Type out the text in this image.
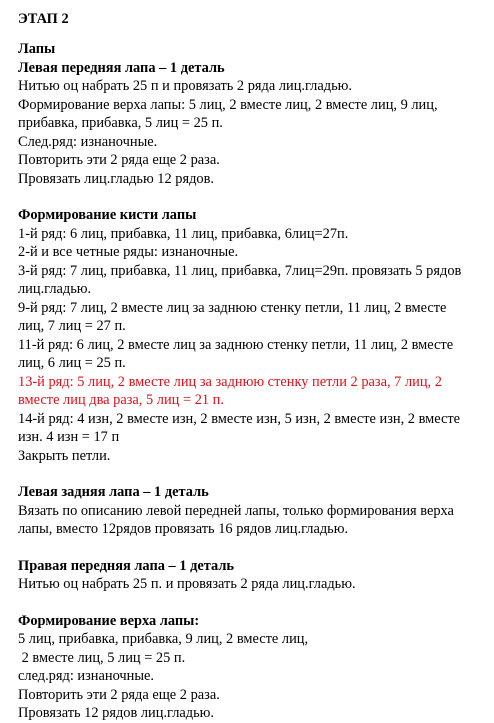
ЭТАП 2

Лапы

Левая передняя лапа – 1 деталь

Нитью оц набрать 25 п и провязать 2 ряда лиц.гладью.

Формирование верха лапы: 5 лиц, 2 вместе лиц, 2 вместе лиц, 9 лиц,

прибавка, прибавка, 5 лиц = 25 п.

След.ряд: изнаночные.

Повторить эти 2 ряда еще 2 раза.

Провязать лиц.гладью 12 рядов.

Формирование кисти лапы

1-й ряд: 6 лиц, прибавка, 11 лиц, прибавка, 6лиц=27п.

2-й и все четные ряды: изнаночные.

3-й ряд: 7 лиц, прибавка, 11 лиц, прибавка, 7лиц=29п. провязать 5 рядов

лиц.гладью.

9-й ряд: 7 лиц, 2 вместе лиц за заднюю стенку петли, 11 лиц, 2 вместе

лиц, 7 лиц = 27 п.

11-й ряд: 6 лиц, 2 вместе лиц за заднюю стенку петли, 11 лиц, 2 вместе

лиц, 6 лиц = 25 п.

13-й ряд: 5 лиц, 2 вместе лиц за заднюю стенку петли 2 раза, 7 лиц, 2

вместе лиц два раза, 5 лиц = 21 п.

14-й ряд: 4 изн, 2 вместе изн, 2 вместе изн, 5 изн, 2 вместе изн, 2 вместе

изн. 4 изн = 17 п

Закрыть петли.

Левая задняя лапа – 1 деталь

Вязать по описанию левой передней лапы, только формирования верха

лапы, вместо 12рядов провязать 16 рядов лиц.гладью.

Правая передняя лапа – 1 деталь

Нитью оц набрать 25 п. и провязать 2 ряда лиц.гладью.

Формирование верха лапы:

5 лиц, прибавка, прибавка, 9 лиц, 2 вместе лиц,

2 вместе лиц, 5 лиц = 25 п.

след.ряд: изнаночные.

Повторить эти 2 ряда еще 2 раза.

Провязать 12 рядов лиц.гладью.
